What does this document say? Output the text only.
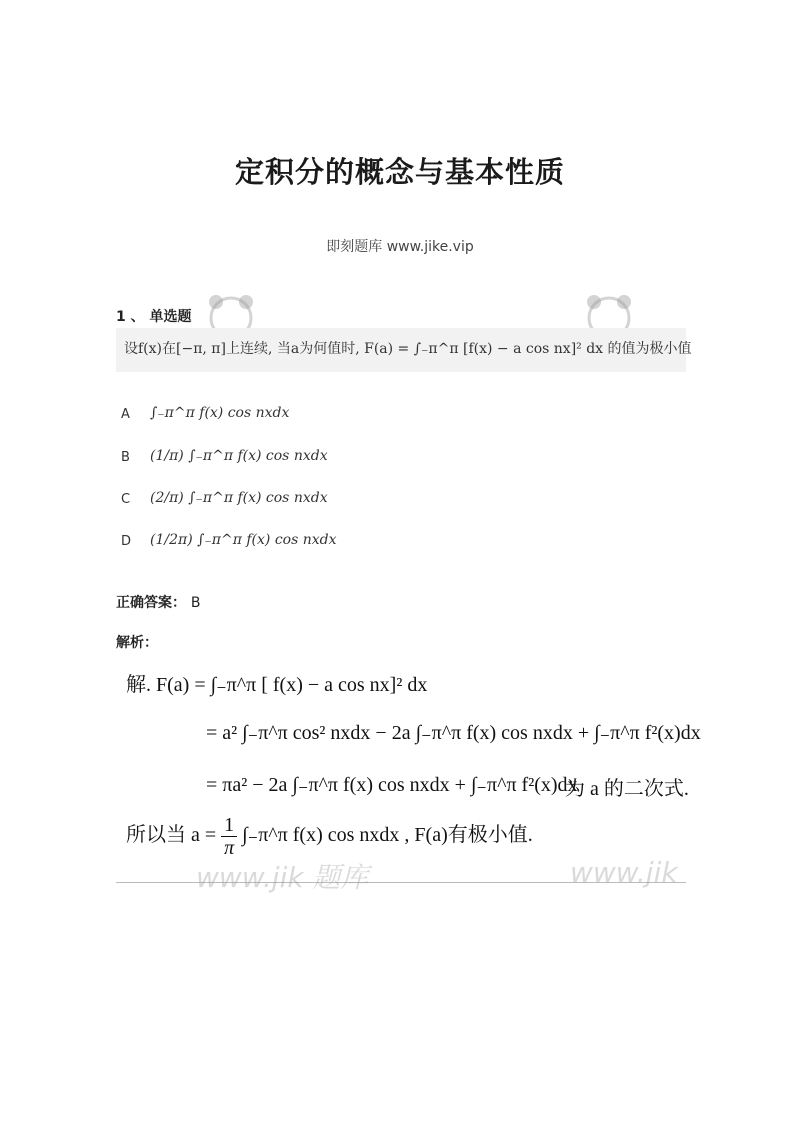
定积分的概念与基本性质
即刻题库 www.jike.vip
1 、 单选题
设f(x)在[−π, π]上连续, 当a为何值时, F(a) = ∫₋π^π [f(x) − a cos nx]² dx 的值为极小值
A ∫₋π^π f(x) cos nxdx
B (1/π) ∫₋π^π f(x) cos nxdx
C (2/π) ∫₋π^π f(x) cos nxdx
D (1/2π) ∫₋π^π f(x) cos nxdx
正确答案： B
解析：
解. F(a) = ∫₋π^π [ f(x) − a cos nx]² dx
= a² ∫₋π^π cos² nxdx − 2a ∫₋π^π f(x) cos nxdx + ∫₋π^π f²(x)dx
= πa² − 2a ∫₋π^π f(x) cos nxdx + ∫₋π^π f²(x)dx
为 a 的二次式.
所以当 $a = \frac{1}{\pi}$ ∫₋π^π f(x) cos nxdx , F(a)有极小值.
www.jik 题库	www.jik
